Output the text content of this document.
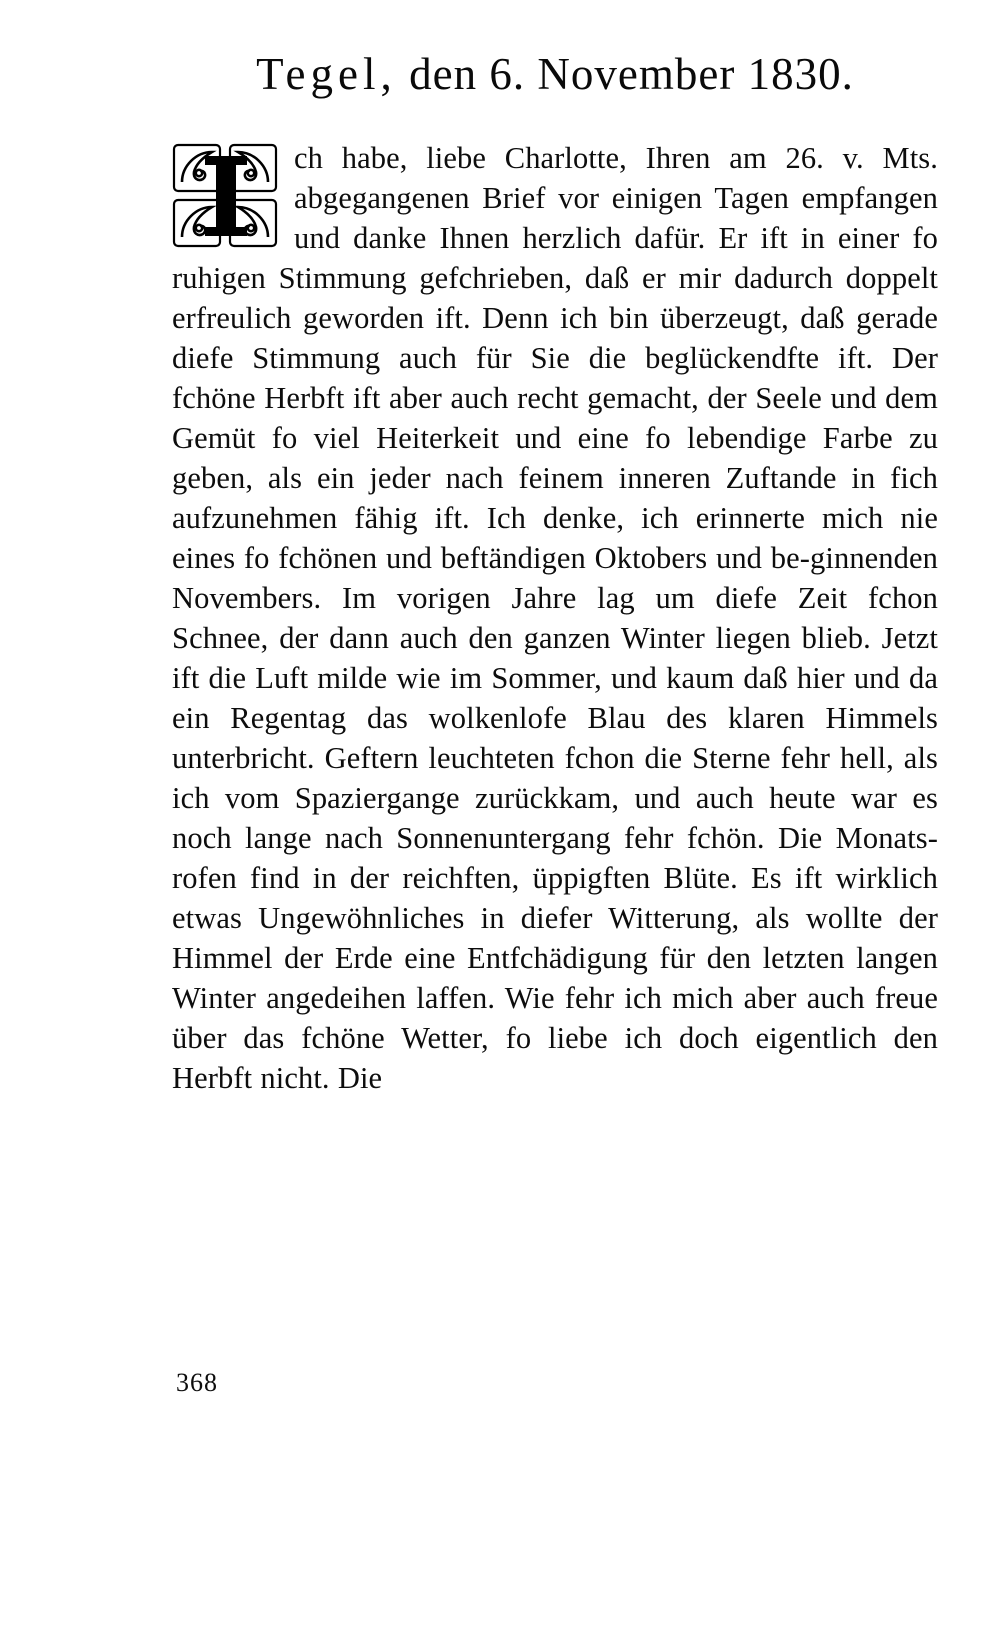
Tegel, den 6. November 1830.
ch habe, liebe Charlotte, Ihren am 26. v. Mts. abgegangenen Brief vor einigen Tagen empfangen und danke Ihnen herzlich dafür. Er ift in einer fo ruhigen Stimmung gefchrieben, daß er mir dadurch doppelt erfreulich geworden ift. Denn ich bin überzeugt, daß gerade diefe Stimmung auch für Sie die beglückendfte ift. Der fchöne Herbft ift aber auch recht gemacht, der Seele und dem Gemüt fo viel Heiterkeit und eine fo lebendige Farbe zu geben, als ein jeder nach feinem inneren Zuftande in fich aufzunehmen fähig ift. Ich denke, ich erinnerte mich nie eines fo fchönen und beftändigen Oktobers und be-ginnenden Novembers. Im vorigen Jahre lag um diefe Zeit fchon Schnee, der dann auch den ganzen Winter liegen blieb. Jetzt ift die Luft milde wie im Sommer, und kaum daß hier und da ein Regentag das wolkenlofe Blau des klaren Himmels unterbricht. Geftern leuchteten fchon die Sterne fehr hell, als ich vom Spaziergange zurückkam, und auch heute war es noch lange nach Sonnenuntergang fehr fchön. Die Monats-rofen find in der reichften, üppigften Blüte. Es ift wirklich etwas Ungewöhnliches in diefer Witterung, als wollte der Himmel der Erde eine Entfchädigung für den letzten langen Winter angedeihen laffen. Wie fehr ich mich aber auch freue über das fchöne Wetter, fo liebe ich doch eigentlich den Herbft nicht. Die
368
